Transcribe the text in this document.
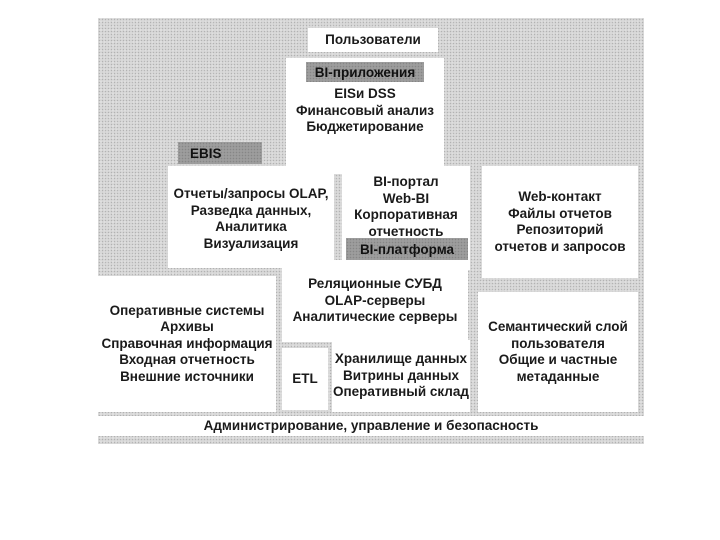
Пользователи
EISи DSS
Финансовый анализ
Бюджетирование
BI-приложения
Отчеты/запросы OLAP,
Разведка данных,
Аналитика
Визуализация
EBIS
BI-портал
Web-BI
Корпоративная
отчетность
BI-платформа
Web-контакт
Файлы отчетов
Репозиторий
отчетов и запросов
Реляционные СУБД
OLAP-серверы
Аналитические серверы
Оперативные системы
Архивы
Справочная информация
Входная отчетность
Внешние источники	ETL
Хранилище данных
Витрины данных
Оперативный склад
Семантический слой
пользователя
Общие и частные
метаданные
Администрирование, управление и безопасность
